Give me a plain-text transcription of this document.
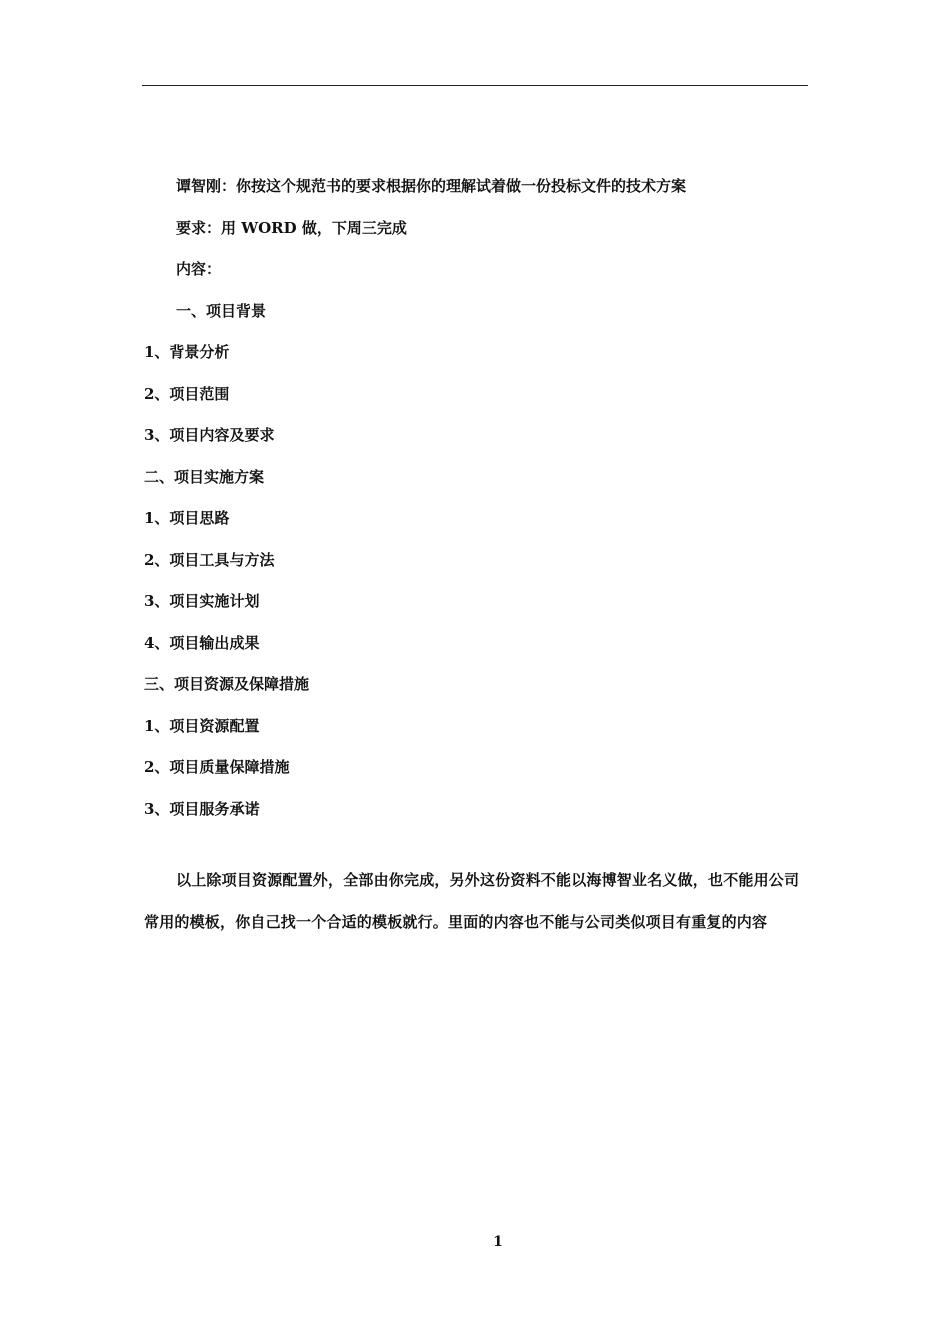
谭智刚：你按这个规范书的要求根据你的理解试着做一份投标文件的技术方案
要求：用 WORD 做，下周三完成
内容：
一、项目背景
1、背景分析
2、项目范围
3、项目内容及要求
二、项目实施方案
1、项目思路
2、项目工具与方法
3、项目实施计划
4、项目输出成果
三、项目资源及保障措施
1、项目资源配置
2、项目质量保障措施
3、项目服务承诺
以上除项目资源配置外，全部由你完成，另外这份资料不能以海博智业名义做，也不能用公司常用的模板，你自己找一个合适的模板就行。里面的内容也不能与公司类似项目有重复的内容
1
